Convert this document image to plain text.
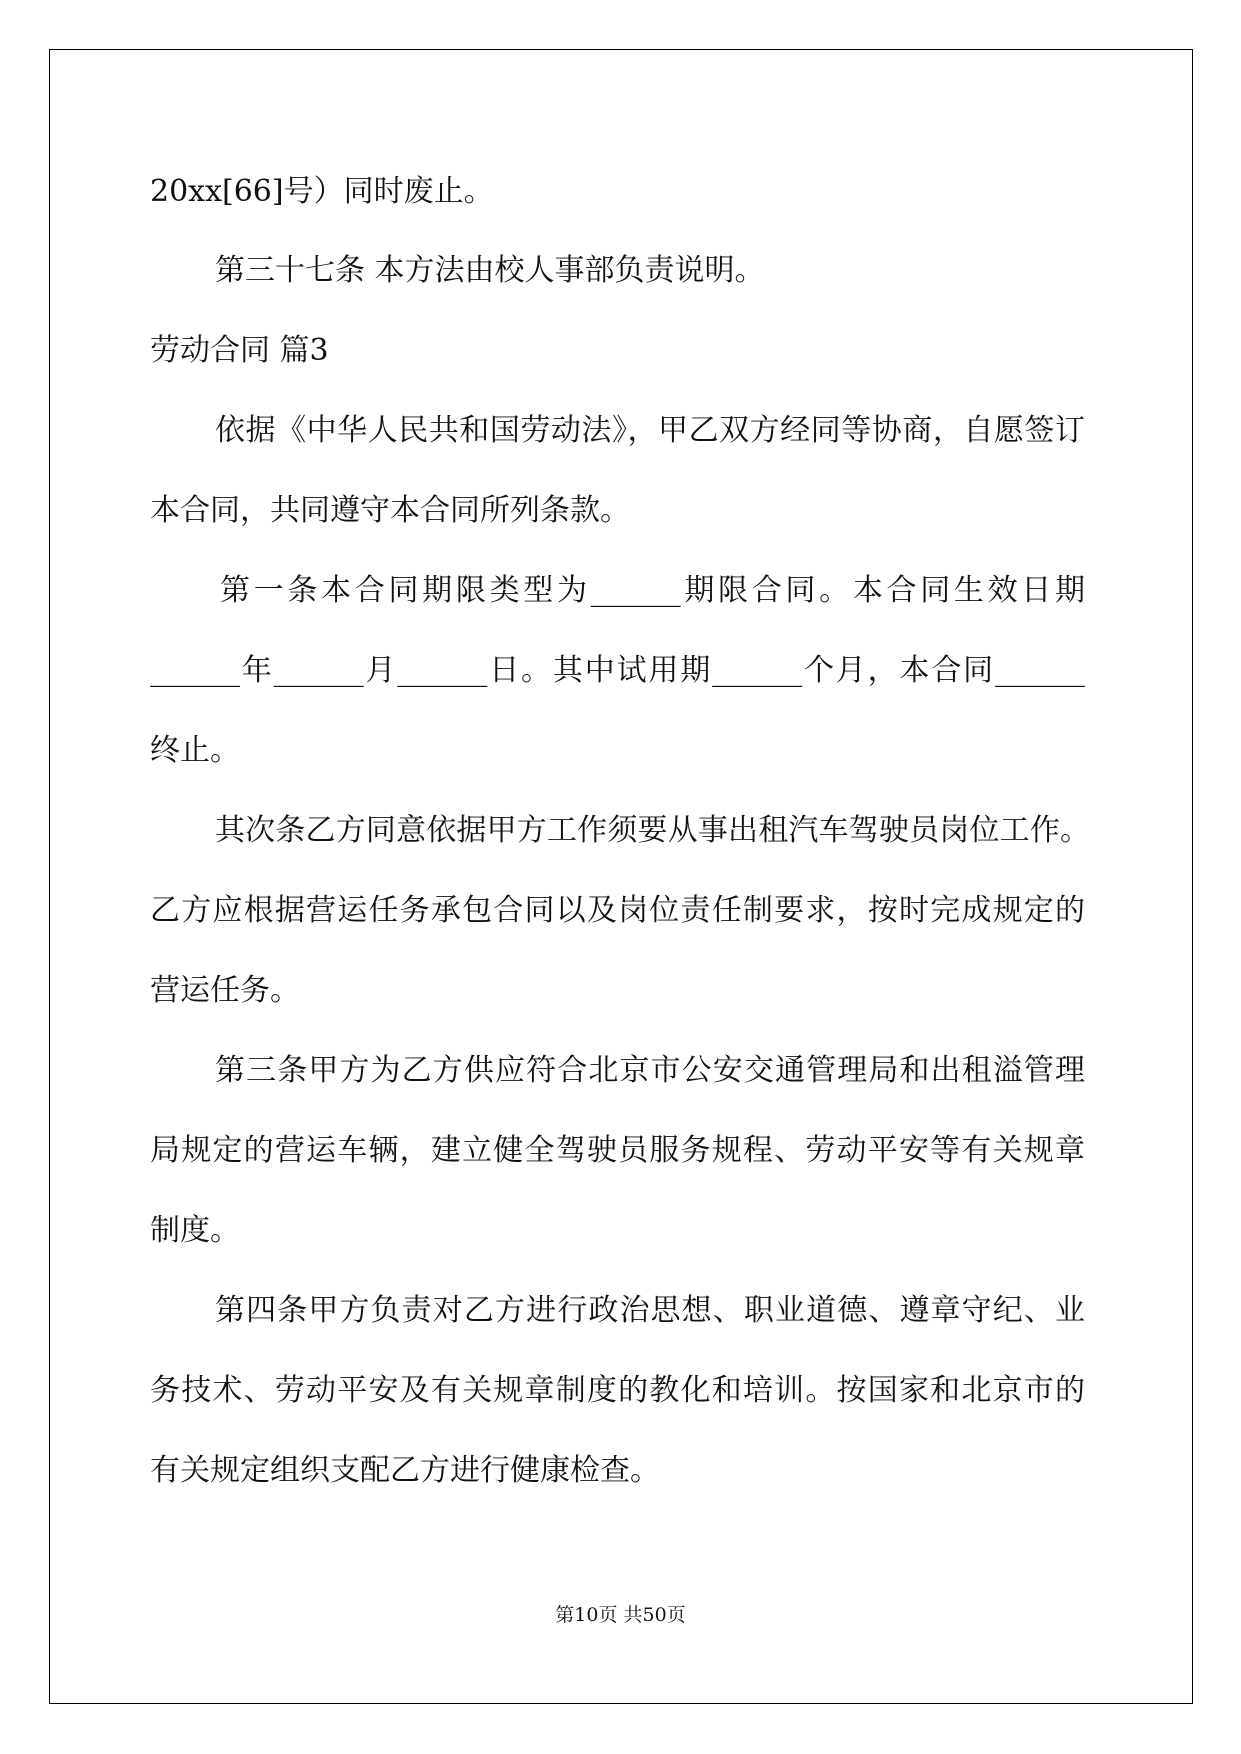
20xx[66]号）同时废止。
第三十七条 本方法由校人事部负责说明。
劳动合同 篇3
依据《中华人民共和国劳动法》，甲乙双方经同等协商，自愿签订
本合同，共同遵守本合同所列条款。
第一条本合同期限类型为______期限合同。本合同生效日期
______年______月______日。其中试用期______个月，本合同______
终止。
其次条乙方同意依据甲方工作须要从事出租汽车驾驶员岗位工作。
乙方应根据营运任务承包合同以及岗位责任制要求，按时完成规定的
营运任务。
第三条甲方为乙方供应符合北京市公安交通管理局和出租溢管理
局规定的营运车辆，建立健全驾驶员服务规程、劳动平安等有关规章
制度。
第四条甲方负责对乙方进行政治思想、职业道德、遵章守纪、业
务技术、劳动平安及有关规章制度的教化和培训。按国家和北京市的
有关规定组织支配乙方进行健康检查。
第10页 共50页
